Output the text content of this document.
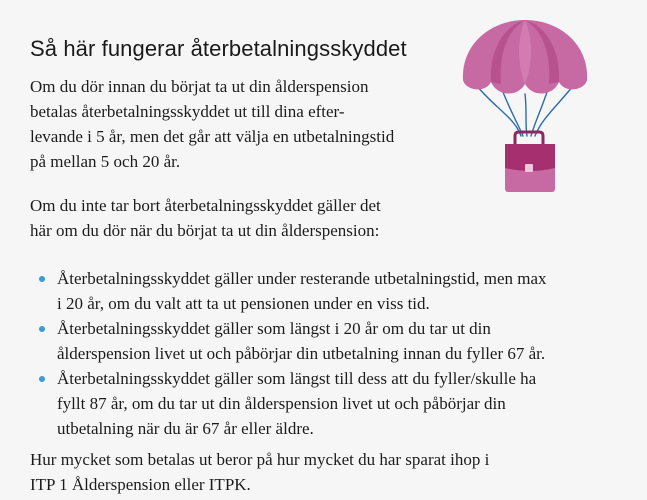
Så här fungerar återbetalningsskyddet

Om du dör innan du börjat ta ut din ålderspension
betalas återbetalningsskyddet ut till dina efter-
levande i 5 år, men det går att välja en utbetalningstid
på mellan 5 och 20 år.

Om du inte tar bort återbetalningsskyddet gäller det
här om du dör när du börjat ta ut din ålderspension:

Återbetalningsskyddet gäller under resterande utbetalningstid, men max
i 20 år, om du valt att ta ut pensionen under en viss tid.
Återbetalningsskyddet gäller som längst i 20 år om du tar ut din
ålderspension livet ut och påbörjar din utbetalning innan du fyller 67 år.
Återbetalningsskyddet gäller som längst till dess att du fyller/skulle ha
fyllt 87 år, om du tar ut din ålderspension livet ut och påbörjar din
utbetalning när du är 67 år eller äldre.

Hur mycket som betalas ut beror på hur mycket du har sparat ihop i
ITP 1 Ålderspension eller ITPK.
